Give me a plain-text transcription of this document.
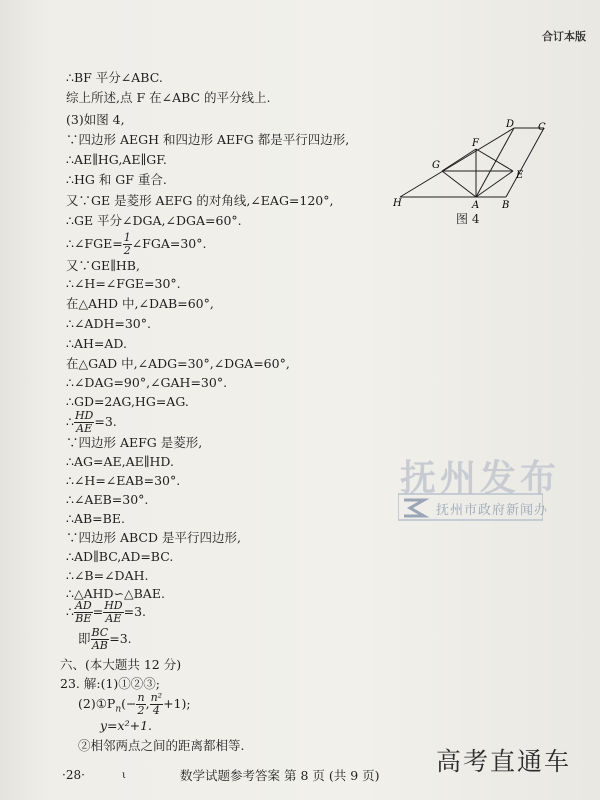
合订本版
∴BF 平分∠ABC.
综上所述,点 F 在∠ABC 的平分线上.
(3)如图 4,
∵四边形 AEGH 和四边形 AEFG 都是平行四边形,
∴AE∥HG,AE∥GF.
∴HG 和 GF 重合.
又∵GE 是菱形 AEFG 的对角线,∠EAG=120°,
∴GE 平分∠DGA,∠DGA=60°.
∴∠FGE= $\frac{1}{2}$ ∠FGA=30°.
又∵GE∥HB,
∴∠H=∠FGE=30°.
在△AHD 中,∠DAB=60°,
∴∠ADH=30°.
∴AH=AD.
在△GAD 中,∠ADG=30°,∠DGA=60°,
∴∠DAG=90°,∠GAH=30°.
∴GD=2AG,HG=AG.
∴ $\frac{HD}{AE} =3$.
∵四边形 AEFG 是菱形,
∴AG=AE,AE∥HD.
∴∠H=∠EAB=30°.
∴∠AEB=30°.
∴AB=BE.
∵四边形 ABCD 是平行四边形,
∴AD∥BC,AD=BC.
∴∠B=∠DAH.
∴△AHD∽△BAE.
∴ $\frac{AD}{BE} = \frac{HD}{AE} =3$.
即 $\frac{BC}{AB} =3$.
六、(本大题共 12 分)
23. 解:(1)①②③;
$(2)①P_n(- \frac{n}{2}$ , $\frac{\text{n²}}{4} +1$);
y=x²+1.
②相邻两点之间的距离都相等.
D C
F
G
E
H	A B
图 4
抚州发布
抚州市政府新闻办
·28·	ι	数学试题参考答案 第 8 页 (共 9 页) 高考直通车
